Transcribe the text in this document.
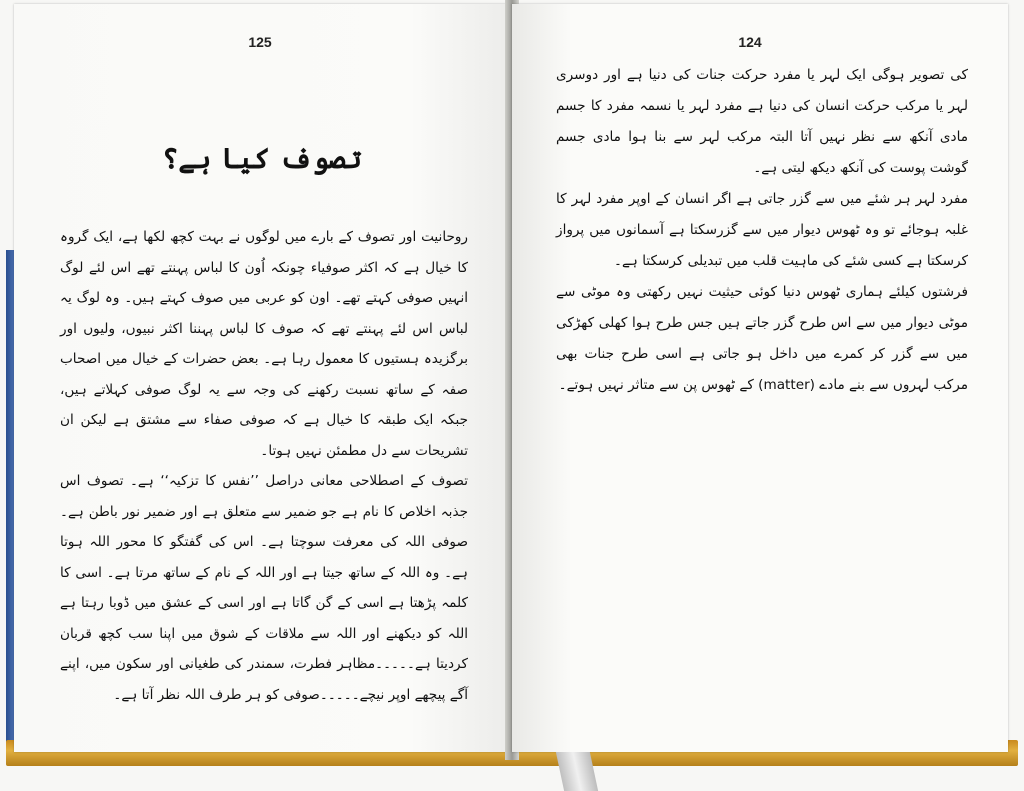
125
تصوف کیا ہے؟

روحانیت اور تصوف کے بارے میں لوگوں نے بہت کچھ لکھا ہے، ایک گروہ کا خیال ہے کہ اکثر صوفیاء چونکہ اُون کا لباس پہنتے تھے اس لئے لوگ انہیں صوفی کہتے تھے۔ اون کو عربی میں صوف کہتے ہیں۔ وہ لوگ یہ لباس اس لئے پہنتے تھے کہ صوف کا لباس پہننا اکثر نبیوں، ولیوں اور برگزیدہ ہستیوں کا معمول رہا ہے۔ بعض حضرات کے خیال میں اصحاب صفہ کے ساتھ نسبت رکھنے کی وجہ سے یہ لوگ صوفی کہلاتے ہیں، جبکہ ایک طبقہ کا خیال ہے کہ صوفی صفاء سے مشتق ہے لیکن ان تشریحات سے دل مطمئن نہیں ہوتا۔

تصوف کے اصطلاحی معانی دراصل ’’نفس کا تزکیہ‘‘ ہے۔ تصوف اس جذبہ اخلاص کا نام ہے جو ضمیر سے متعلق ہے اور ضمیر نور باطن ہے۔ صوفی اللہ کی معرفت سوچتا ہے۔ اس کی گفتگو کا محور اللہ ہوتا ہے۔ وہ اللہ کے ساتھ جیتا ہے اور اللہ کے نام کے ساتھ مرتا ہے۔ اسی کا کلمہ پڑھتا ہے اسی کے گن گاتا ہے اور اسی کے عشق میں ڈوبا رہتا ہے اللہ کو دیکھنے اور اللہ سے ملاقات کے شوق میں اپنا سب کچھ قربان کردیتا ہے۔۔۔۔۔مظاہر فطرت، سمندر کی طغیانی اور سکون میں، اپنے آگے پیچھے اوپر نیچے۔۔۔۔۔صوفی کو ہر طرف اللہ نظر آتا ہے۔

124

کی تصویر ہوگی ایک لہر یا مفرد حرکت جنات کی دنیا ہے اور دوسری لہر یا مرکب حرکت انسان کی دنیا ہے مفرد لہر یا نسمہ مفرد کا جسم مادی آنکھ سے نظر نہیں آتا البتہ مرکب لہر سے بنا ہوا مادی جسم گوشت پوست کی آنکھ دیکھ لیتی ہے۔

مفرد لہر ہر شئے میں سے گزر جاتی ہے اگر انسان کے اوپر مفرد لہر کا غلبہ ہوجائے تو وہ ٹھوس دیوار میں سے گزرسکتا ہے آسمانوں میں پرواز کرسکتا ہے کسی شئے کی ماہیت قلب میں تبدیلی کرسکتا ہے۔

فرشتوں کیلئے ہماری ٹھوس دنیا کوئی حیثیت نہیں رکھتی وہ موٹی سے موٹی دیوار میں سے اس طرح گزر جاتے ہیں جس طرح ہوا کھلی کھڑکی میں سے گزر کر کمرے میں داخل ہو جاتی ہے اسی طرح جنات بھی مرکب لہروں سے بنے مادے (matter) کے ٹھوس پن سے متاثر نہیں ہوتے۔
